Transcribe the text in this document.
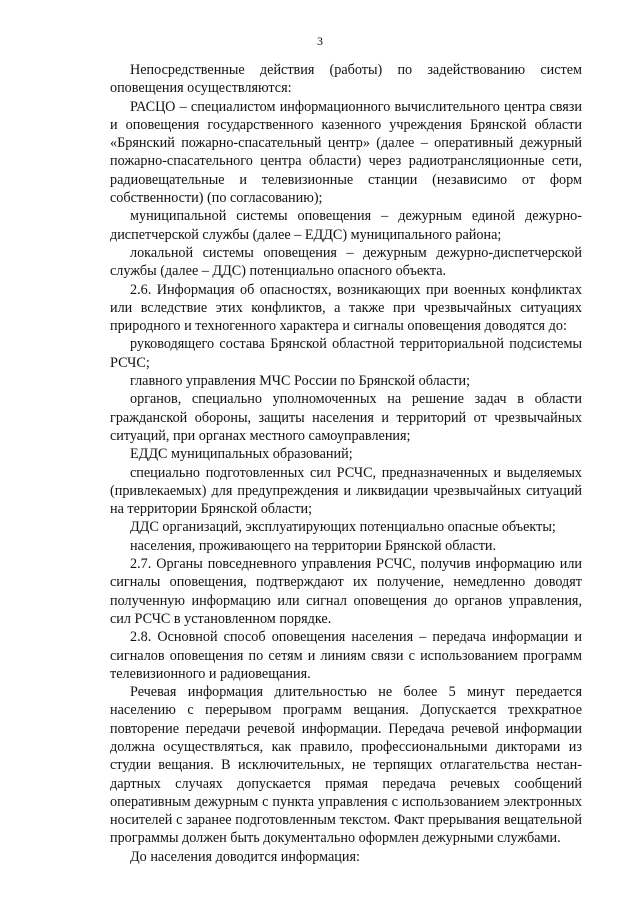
3

Непосредственные действия (работы) по задействованию систем оповещения осуществляются:

РАСЦО – специалистом информационного вычислительного центра связи и оповещения государственного казенного учреждения Брянской области «Брянский пожарно-спасательный центр» (далее – оперативный дежурный пожарно-спасательного центра области) через радиотрансляционные сети, радиовещательные и телевизионные станции (независимо от форм собственности) (по согласованию);

муниципальной системы оповещения – дежурным единой дежурно-диспетчерской службы (далее – ЕДДС) муниципального района;

локальной системы оповещения – дежурным дежурно-диспетчерской службы (далее – ДДС) потенциально опасного объекта.

2.6. Информация об опасностях, возникающих при военных конфликтах или вследствие этих конфликтов, а также при чрезвычайных ситуациях природного и техногенного характера и сигналы оповещения доводятся до:

руководящего состава Брянской областной территориальной подсистемы РСЧС;

главного управления МЧС России по Брянской области;

органов, специально уполномоченных на решение задач в области гражданской обороны, защиты населения и территорий от чрезвычайных ситуаций, при органах местного самоуправления;

ЕДДС муниципальных образований;

специально подготовленных сил РСЧС, предназначенных и выделяемых (привлекаемых) для предупреждения и ликвидации чрезвычайных ситуаций на территории Брянской области;

ДДС организаций, эксплуатирующих потенциально опасные объекты;

населения, проживающего на территории Брянской области.

2.7. Органы повседневного управления РСЧС, получив информацию или сигналы оповещения, подтверждают их получение, немедленно доводят полученную информацию или сигнал оповещения до органов управления, сил РСЧС в установленном порядке.

2.8. Основной способ оповещения населения – передача информации и сигналов оповещения по сетям и линиям связи с использованием программ телевизионного и радиовещания.

Речевая информация длительностью не более 5 минут передается населению с перерывом программ вещания. Допускается трехкратное повторение передачи речевой информации. Передача речевой информации должна осуществляться, как правило, профессиональными дикторами из студии вещания. В исключительных, не терпящих отлагательства нестандартных случаях допускается прямая передача речевых сообщений оперативным дежурным с пункта управления с использованием электронных носителей с заранее подготовленным текстом. Факт прерывания вещательной программы должен быть документально оформлен дежурными службами.

До населения доводится информация:
